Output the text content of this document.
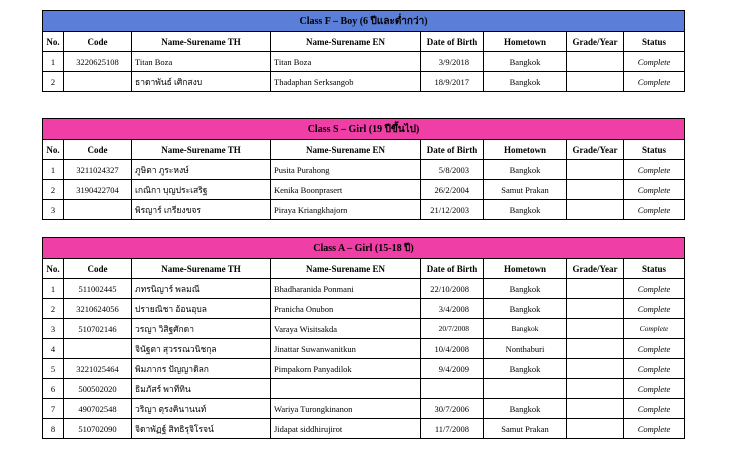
Class F – Boy (6 ปีและต่ำกว่า)							
No.	Code	Name-Surename TH	Name-Surename EN	Date of Birth	Hometown	Grade/Year	Status
1	3220625108	Titan Boza	Titan Boza	3/9/2018	Bangkok		Complete
2		ธาดาพันธ์ เศิกสงบ	Thadaphan Serksangob	18/9/2017	Bangkok		Complete
Class S – Girl (19 ปีขึ้นไป)							
No.	Code	Name-Surename TH	Name-Surename EN	Date of Birth	Hometown	Grade/Year	Status
1	3211024327	ภูษิตา ภูระหงษ์	Pusita Purahong	5/8/2003	Bangkok		Complete
2	3190422704	เกณิกา บุญประเสริฐ	Kenika Boonprasert	26/2/2004	Samut Prakan		Complete
3		พิรญาร์ เกรียงขจร	Piraya Kriangkhajorn	21/12/2003	Bangkok		Complete
Class A – Girl (15-18 ปี)							
No.	Code	Name-Surename TH	Name-Surename EN	Date of Birth	Hometown	Grade/Year	Status
1	511002445	ภทรนิญาร์ พลมณี	Bhadharanida Ponmani	22/10/2008	Bangkok		Complete
2	3210624056	ปรายณิชา อ้อนอุบล	Pranicha Onubon	3/4/2008	Bangkok		Complete
3	510702146	วรญา วิสิฐศักดา	Varaya Wisitsakda	20/7/2008	Bangkok		Complete
4		จินัฐตา สุวรรณวนิชกุล	Jinattar Suwanwanitkun	10/4/2008	Nonthaburi		Complete
5	3221025464	พิมภากร ปัญญาดิลก	Pimpakorn Panyadilok	9/4/2009	Bangkok		Complete
6	500502020	ธิมภัสร์ พาทีทิน					Complete
7	490702548	วริญา ตุรงคินานนท์	Wariya Turongkinanon	30/7/2006	Bangkok		Complete
8	510702090	จิดาพัฏฐ์ สิทธิรุจิโรจน์	Jidapat siddhirujirot	11/7/2008	Samut Prakan		Complete
